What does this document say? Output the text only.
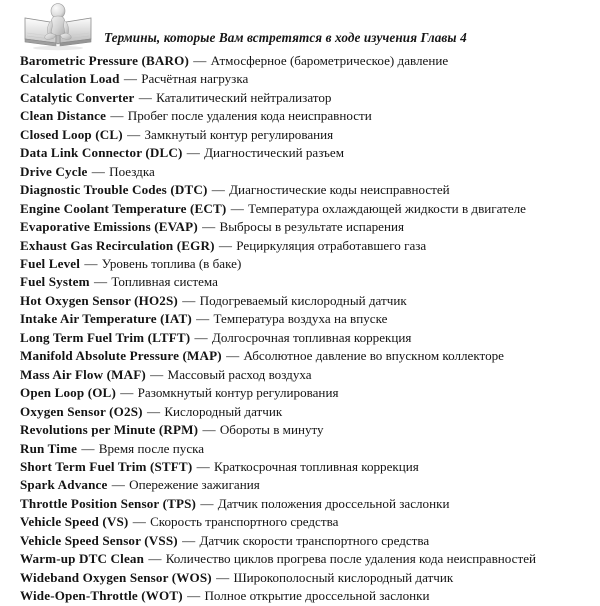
Термины, которые Вам встретятся в ходе изучения Главы 4
Barometric Pressure (BARO) — Атмосферное (барометрическое) давление
Calculation Load — Расчётная нагрузка
Catalytic Converter — Каталитический нейтрализатор
Clean Distance — Пробег после удаления кода неисправности
Closed Loop (CL) — Замкнутый контур регулирования
Data Link Connector (DLC) — Диагностический разъем
Drive Cycle — Поездка
Diagnostic Trouble Codes (DTC) — Диагностические коды неисправностей
Engine Coolant Temperature (ECT) — Температура охлаждающей жидкости в двигателе
Evaporative Emissions (EVAP) — Выбросы в результате испарения
Exhaust Gas Recirculation (EGR) — Рециркуляция отработавшего газа
Fuel Level — Уровень топлива (в баке)
Fuel System — Топливная система
Hot Oxygen Sensor (HO2S) — Подогреваемый кислородный датчик
Intake Air Temperature (IAT) — Температура воздуха на впуске
Long Term Fuel Trim (LTFT) — Долгосрочная топливная коррекция
Manifold Absolute Pressure (MAP) — Абсолютное давление во впускном коллекторе
Mass Air Flow (MAF) — Массовый расход воздуха
Open Loop (OL) — Разомкнутый контур регулирования
Oxygen Sensor (O2S) — Кислородный датчик
Revolutions per Minute (RPM) — Обороты в минуту
Run Time — Время после пуска
Short Term Fuel Trim (STFT) — Краткосрочная топливная коррекция
Spark Advance — Опережение зажигания
Throttle Position Sensor (TPS) — Датчик положения дроссельной заслонки
Vehicle Speed (VS) — Скорость транспортного средства
Vehicle Speed Sensor (VSS) — Датчик скорости транспортного средства
Warm-up DTC Clean — Количество циклов прогрева после удаления кода неисправностей
Wideband Oxygen Sensor (WOS) — Широкополосный кислородный датчик
Wide-Open-Throttle (WOT) — Полное открытие дроссельной заслонки
